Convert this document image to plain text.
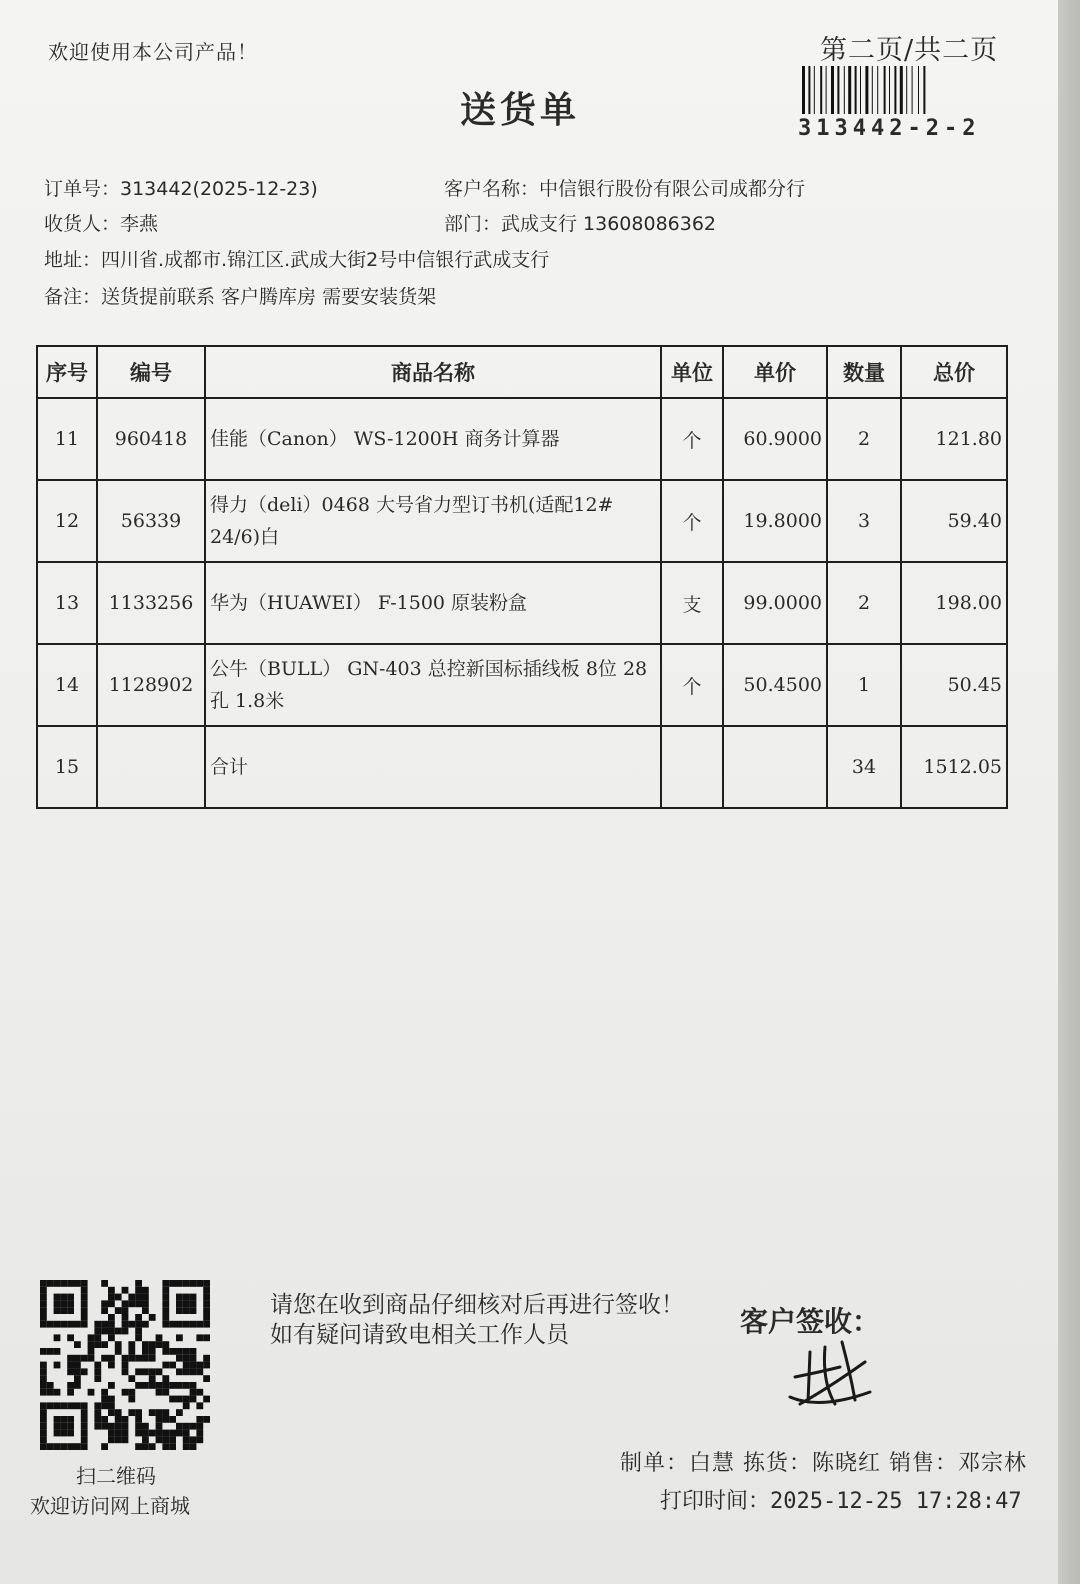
欢迎使用本公司产品！	第二页/共二页
313442-2-2
送货单
订单号：313442(2025-12-23)
收货人：李燕
地址：四川省.成都市.锦江区.武成大街2号中信银行武成支行
备注：送货提前联系 客户腾库房 需要安装货架
客户名称：中信银行股份有限公司成都分行
部门：武成支行 13608086362
序号	编号	商品名称	单位	单价	数量	总价
11	960418	佳能（Canon） WS-1200H 商务计算器	个	60.9000	2	121.80
12	56339	得力（deli）0468 大号省力型订书机(适配12# 24/6)白	个	19.8000	3	59.40
13	1133256	华为（HUAWEI） F-1500 原装粉盒	支	99.0000	2	198.00
14	1128902	公牛（BULL） GN-403 总控新国标插线板 8位 28孔 1.8米	个	50.4500	1	50.45
15		合计			34	1512.05
扫二维码
欢迎访问网上商城
请您在收到商品仔细核对后再进行签收！如有疑问请致电相关工作人员	客户签收：
制单：白慧 拣货：陈晓红 销售：邓宗林
打印时间：2025-12-25 17:28:47
